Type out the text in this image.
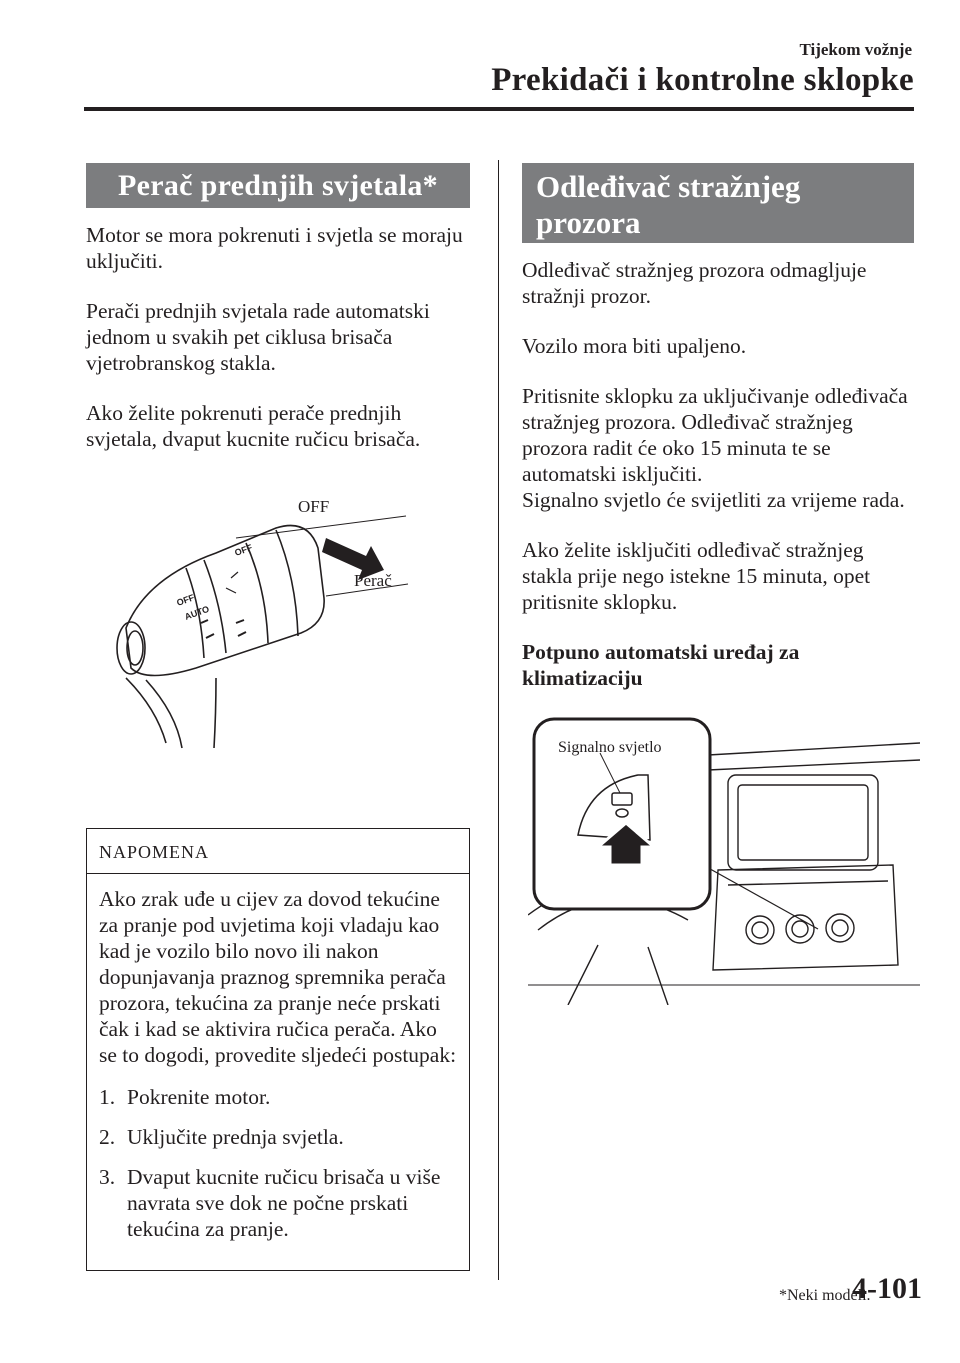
Tijekom vožnje
Prekidači i kontrolne sklopke
Perač prednjih svjetala*

Motor se mora pokrenuti i svjetla se moraju uključiti.

Perači prednjih svjetala rade automatski jednom u svakih pet ciklusa brisača vjetrobranskog stakla.

Ako želite pokrenuti perače prednjih svjetala, dvaput kucnite ručicu brisača.

OFF
AUTO
OFF
OFF
Perač
NAPOMENA

Ako zrak uđe u cijev za dovod tekućine za pranje pod uvjetima koji vladaju kao kad je vozilo bilo novo ili nakon dopunjavanja praznog spremnika perača prozora, tekućina za pranje neće prskati čak i kad se aktivira ručica perača. Ako se to dogodi, provedite sljedeći postupak:

1. Pokrenite motor.
2. Uključite prednja svjetla.
3. Dvaput kucnite ručicu brisača u više navrata sve dok ne počne prskati tekućina za pranje.
Odleđivač stražnjeg prozora

Odleđivač stražnjeg prozora odmagljuje stražnji prozor.

Vozilo mora biti upaljeno.

Pritisnite sklopku za uključivanje odleđivača stražnjeg prozora. Odleđivač stražnjeg prozora radit će oko 15 minuta te se automatski isključiti.

Signalno svjetlo će svijetliti za vrijeme rada.

Ako želite isključiti odleđivač stražnjeg stakla prije nego istekne 15 minuta, opet pritisnite sklopku.

Potpuno automatski uređaj za klimatizaciju

Signalno svjetlo
*Neki modeli.
4-101
